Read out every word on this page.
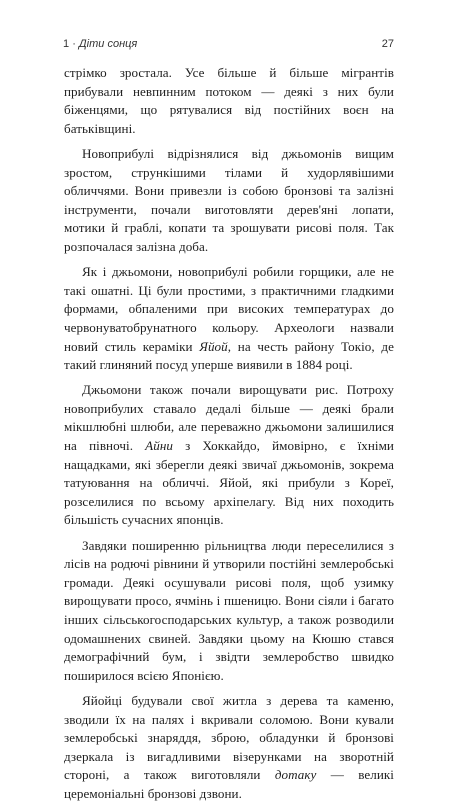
1 · Діти сонця	27

стрімко зростала. Усе більше й більше мігрантів прибували невпинним потоком — деякі з них були біженцями, що рятувалися від постійних воєн на батьківщині.

Новоприбулі відрізнялися від джьомонів вищим зростом, стрункішими тілами й худорлявішими обличчями. Вони привезли із собою бронзові та залізні інструменти, почали виготовляти дерев'яні лопати, мотики й граблі, копати та зрошувати рисові поля. Так розпочалася залізна доба.

Як і джьомони, новоприбулі робили горщики, але не такі ошатні. Ці були простими, з практичними гладкими формами, обпаленими при високих температурах до червонуватобрунатного кольору. Археологи назвали новий стиль кераміки Яйой, на честь району Токіо, де такий глиняний посуд уперше виявили в 1884 році.

Джьомони також почали вирощувати рис. Потроху новоприбулих ставало дедалі більше — деякі брали мікшлюбні шлюби, але переважно джьомони залишилися на півночі. Айни з Хоккайдо, ймовірно, є їхніми нащадками, які зберегли деякі звичаї джьомонів, зокрема татуювання на обличчі. Яйой, які прибули з Кореї, розселилися по всьому архіпелагу. Від них походить більшість сучасних японців.

Завдяки поширенню рільництва люди переселилися з лісів на родючі рівнини й утворили постійні землеробські громади. Деякі осушували рисові поля, щоб узимку вирощувати просо, ячмінь і пшеницю. Вони сіяли і багато інших сільськогосподарських культур, а також розводили одомашнених свиней. Завдяки цьому на Кюшю стався демографічний бум, і звідти землеробство швидко поширилося всією Японією.

Яйойці будували свої житла з дерева та каменю, зводили їх на палях і вкривали соломою. Вони кували землеробські знаряддя, зброю, обладунки й бронзові дзеркала із вигадливими візерунками на зворотній стороні, а також виготовляли дотаку — великі церемоніальні бронзові дзвони.
